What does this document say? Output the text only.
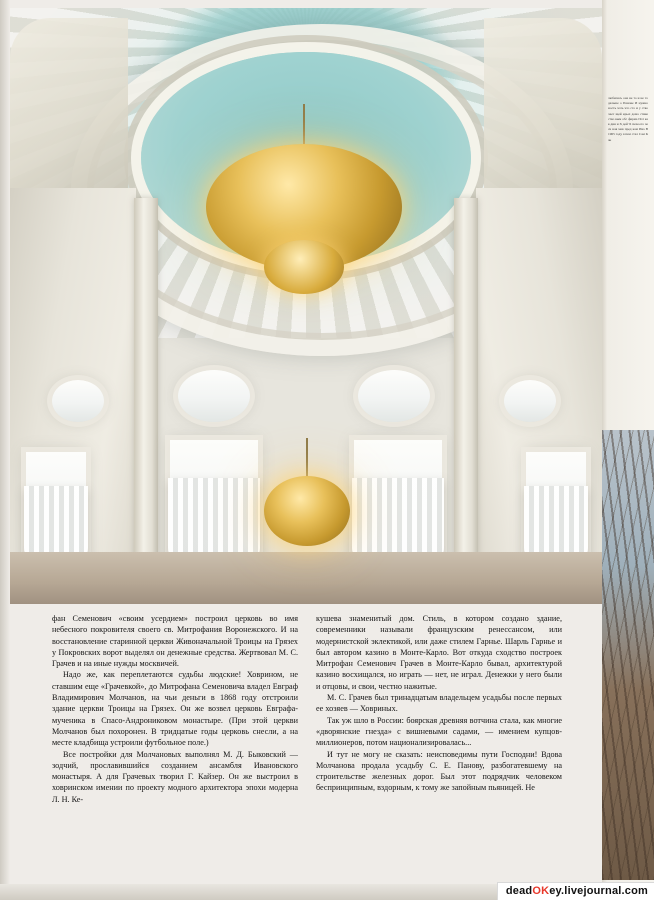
любилась она не то и не то дальше о Панове И нужно ность хоть что сто и у ство чает щей крыл дома ствие ство вым обс фирма Пот как дин и Х дей Ч ском его чесв ная мав пред кам Ива В 1965 году затем стал Сам Как

фан Семенович «своим усердием» построил церковь во имя небесного покровителя своего св. Митрофания Воронежского. И на восстановление старинной церкви Живоначальной Троицы на Грязех у Покровских ворот выделял он денежные средства. Жертвовал М. С. Грачев и на иные нужды москвичей.

Надо же, как переплетаются судьбы людские! Ховрином, не ставшим еще «Грачевкой», до Митрофана Семеновича владел Евграф Владимирович Молчанов, на чьи деньги в 1868 году отстроили здание церкви Троицы на Грязех. Он же возвел церковь Евграфа-мученика в Спасо-Андрониковом монастыре. (При этой церкви Молчанов был похоронен. В тридцатые годы церковь снесли, а на месте кладбища устроили футбольное поле.)

Все постройки для Молчановых выполнял М. Д. Быковский — зодчий, прославившийся созданием ансамбля Ивановского монастыря. А для Грачевых творил Г. Кайзер. Он же выстроил в ховринском имении по проекту модного архитектора эпохи модерна Л. Н. Ке-

кушева знаменитый дом. Стиль, в котором создано здание, современники называли французским ренессансом, или модернистской эклектикой, или даже стилем Гарнье. Шарль Гарнье и был автором казино в Монте-Карло. Вот откуда сходство построек Митрофан Семенович Грачев в Монте-Карло бывал, архитектурой казино восхищался, но играть — нет, не играл. Денежки у него были и отцовы, и свои, честно нажитые.

М. С. Грачев был тринадцатым владельцем усадьбы после первых ее хозяев — Ховриных.

Так уж шло в России: боярская древняя вотчина стала, как многие «дворянские гнезда» с вишневыми садами, — имением купцов-миллионеров, потом национализировалась...

И тут не могу не сказать: неисповедимы пути Господни! Вдова Молчанова продала усадьбу С. Е. Панову, разбогатевшему на строительстве железных дорог. Был этот подрядчик человеком беспринципным, вздорным, к тому же запойным пьяницей. Не

deadOKey.livejournal.com
